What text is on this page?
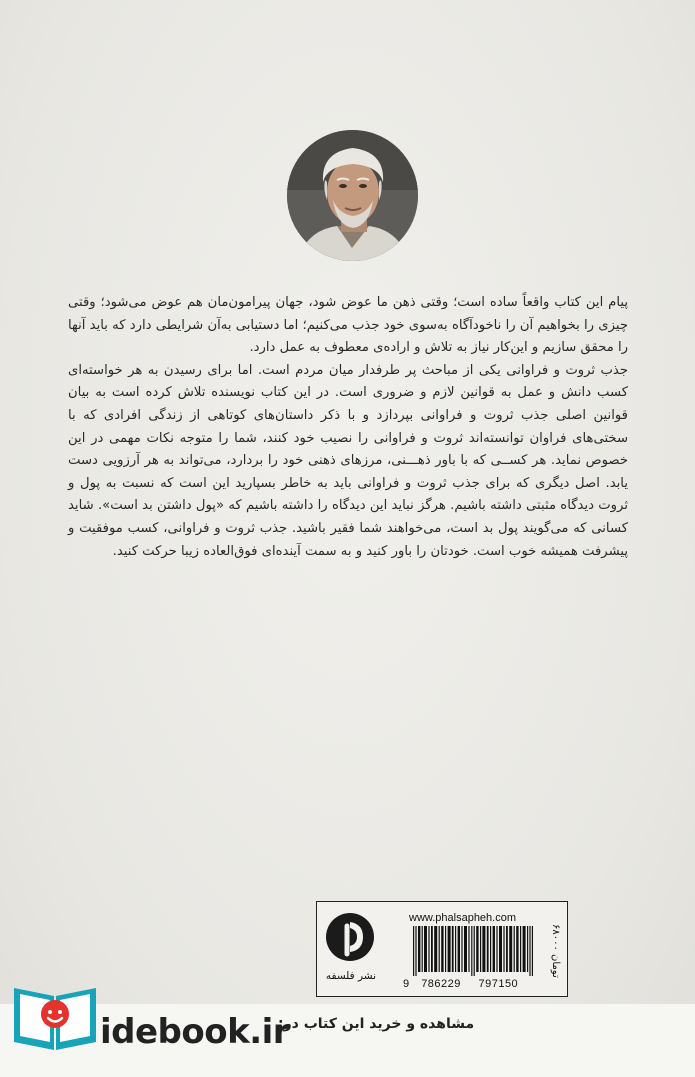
پیام این کتاب واقعاً ساده است؛ وقتی ذهن ما عوض شود، جهان پیرامون‌مان هم عوض می‌شود؛ وقتی چیزی را بخواهیم آن را ناخودآگاه به‌سوی خود جذب می‌کنیم؛ اما دستیابی به‌آن شرایطی دارد که باید آنها را محقق سازیم و این‌کار نیاز به تلاش و اراده‌ی معطوف به عمل دارد.

جذب ثروت و فراوانی یکی از مباحث پر طرفدار میان مردم است. اما برای رسیدن به هر خواسته‌ای کسب دانش و عمل به قوانین لازم و ضروری است. در این کتاب نویسنده تلاش کرده است به بیان قوانین اصلی جذب ثروت و فراوانی بپردازد و با ذکر داستان‌های کوتاهی از زندگی افرادی که با سختی‌های فراوان توانسته‌اند ثروت و فراوانی را نصیب خود کنند، شما را متوجه نکات مهمی در این خصوص نماید. هر کســی که با باور ذهـــنی، مرزهای ذهنی خود را بردارد، می‌تواند به هر آرزویی دست یابد. اصل دیگری که برای جذب ثروت و فراوانی باید به خاطر بسپارید این است که نسبت به پول و ثروت دیدگاه مثبتی داشته باشیم. هرگز نباید این دیدگاه را داشته باشیم که «پول داشتن بد است». شاید کسانی که می‌گویند پول بد است، می‌خواهند شما فقیر باشید. جذب ثروت و فراوانی، کسب موفقیت و پیشرفت همیشه خوب است. خودتان را باور کنید و به سمت آینده‌ای فوق‌العاده زیبا حرکت کنید.

نشر فلسفه
www.phalsapheh.com
9 786229 797150
۶۸۰۰۰ تومان
idebook.ir
مشاهده و خرید این کتاب در:
